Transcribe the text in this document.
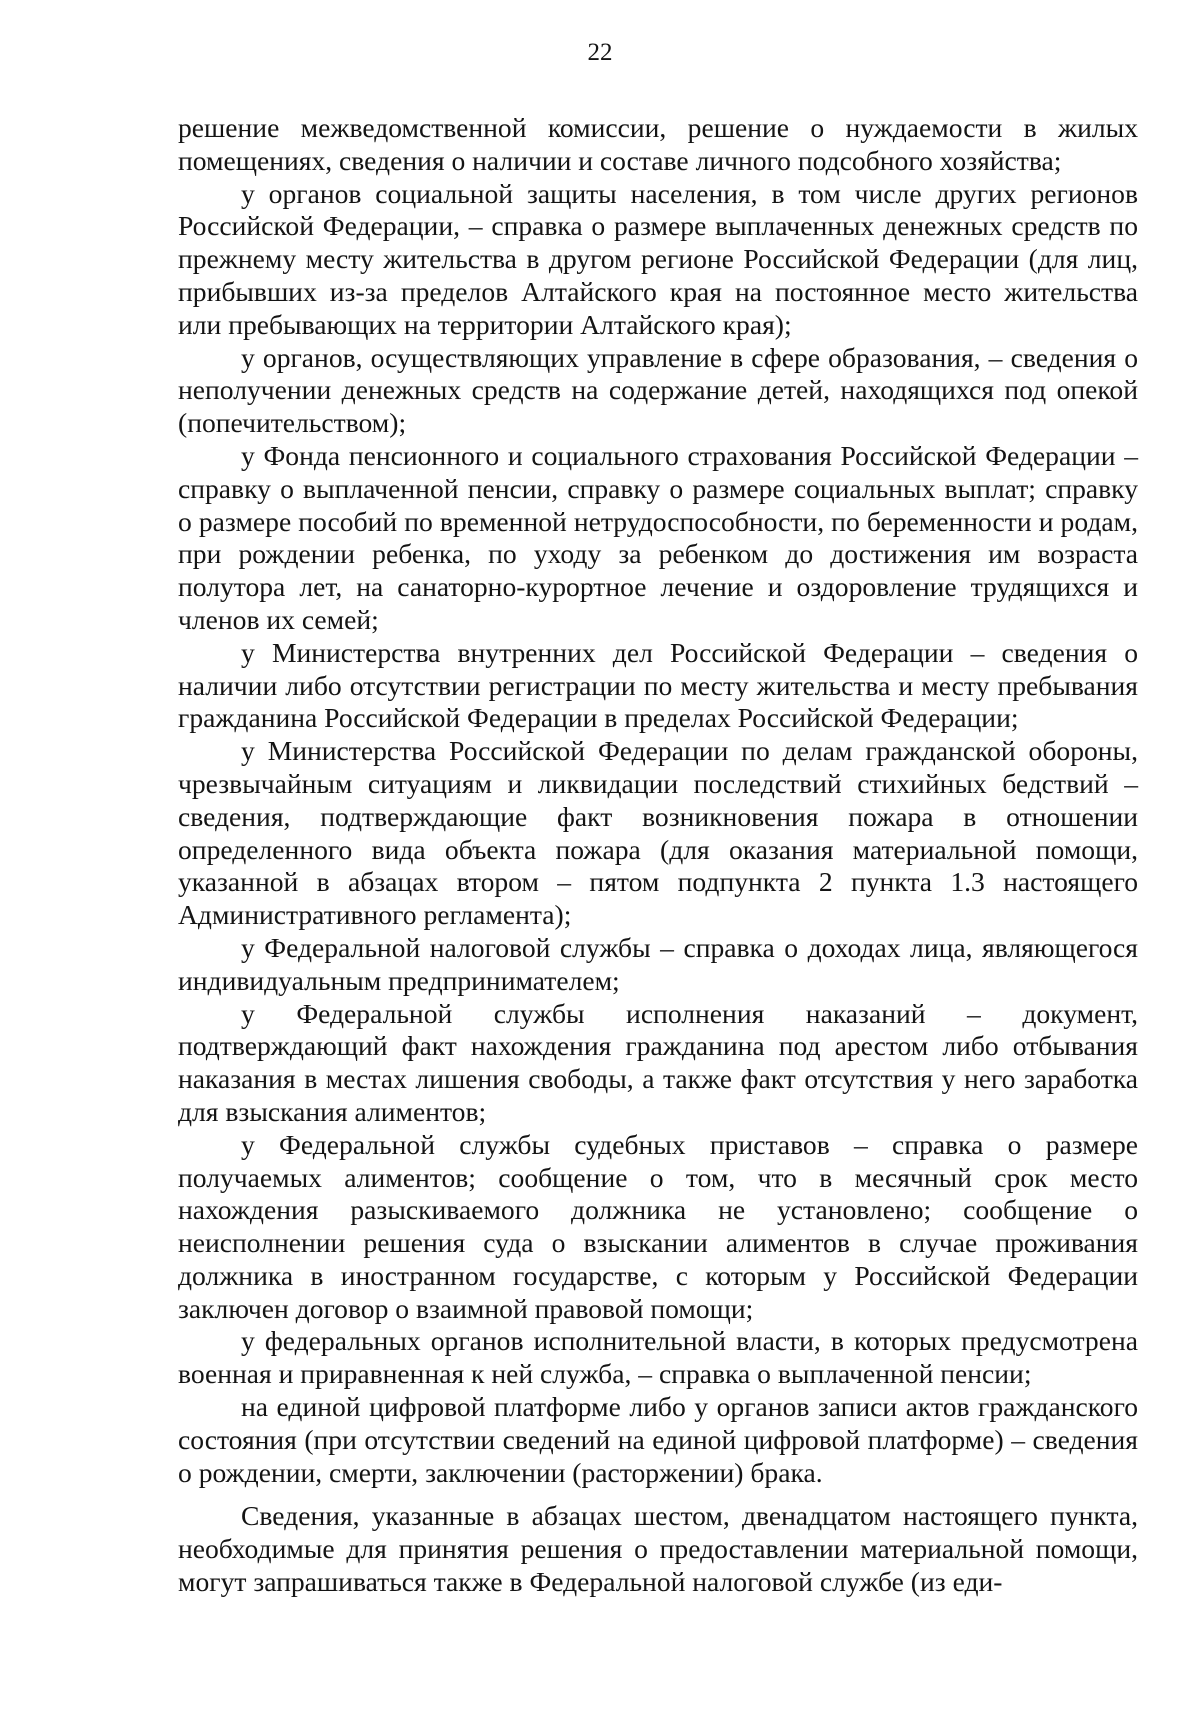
22

решение межведомственной комиссии, решение о нуждаемости в жилых помещениях, сведения о наличии и составе личного подсобного хозяйства;

у органов социальной защиты населения, в том числе других регионов Российской Федерации, – справка о размере выплаченных денежных средств по прежнему месту жительства в другом регионе Российской Федерации (для лиц, прибывших из-за пределов Алтайского края на постоянное место жительства или пребывающих на территории Алтайского края);

у органов, осуществляющих управление в сфере образования, – сведения о неполучении денежных средств на содержание детей, находящихся под опекой (попечительством);

у Фонда пенсионного и социального страхования Российской Федерации – справку о выплаченной пенсии, справку о размере социальных выплат; справку о размере пособий по временной нетрудоспособности, по беременности и родам, при рождении ребенка, по уходу за ребенком до достижения им возраста полутора лет, на санаторно-курортное лечение и оздоровление трудящихся и членов их семей;

у Министерства внутренних дел Российской Федерации – сведения о наличии либо отсутствии регистрации по месту жительства и месту пребывания гражданина Российской Федерации в пределах Российской Федерации;

у Министерства Российской Федерации по делам гражданской обороны, чрезвычайным ситуациям и ликвидации последствий стихийных бедствий – сведения, подтверждающие факт возникновения пожара в отношении определенного вида объекта пожара (для оказания материальной помощи, указанной в абзацах втором – пятом подпункта 2 пункта 1.3 настоящего Административного регламента);

у Федеральной налоговой службы – справка о доходах лица, являющегося индивидуальным предпринимателем;

у Федеральной службы исполнения наказаний – документ, подтверждающий факт нахождения гражданина под арестом либо отбывания наказания в местах лишения свободы, а также факт отсутствия у него заработка для взыскания алиментов;

у Федеральной службы судебных приставов – справка о размере получаемых алиментов; сообщение о том, что в месячный срок место нахождения разыскиваемого должника не установлено; сообщение о неисполнении решения суда о взыскании алиментов в случае проживания должника в иностранном государстве, с которым у Российской Федерации заключен договор о взаимной правовой помощи;

у федеральных органов исполнительной власти, в которых предусмотрена военная и приравненная к ней служба, – справка о выплаченной пенсии;

на единой цифровой платформе либо у органов записи актов гражданского состояния (при отсутствии сведений на единой цифровой платформе) – сведения о рождении, смерти, заключении (расторжении) брака.

Сведения, указанные в абзацах шестом, двенадцатом настоящего пункта, необходимые для принятия решения о предоставлении материальной помощи, могут запрашиваться также в Федеральной налоговой службе (из еди-
